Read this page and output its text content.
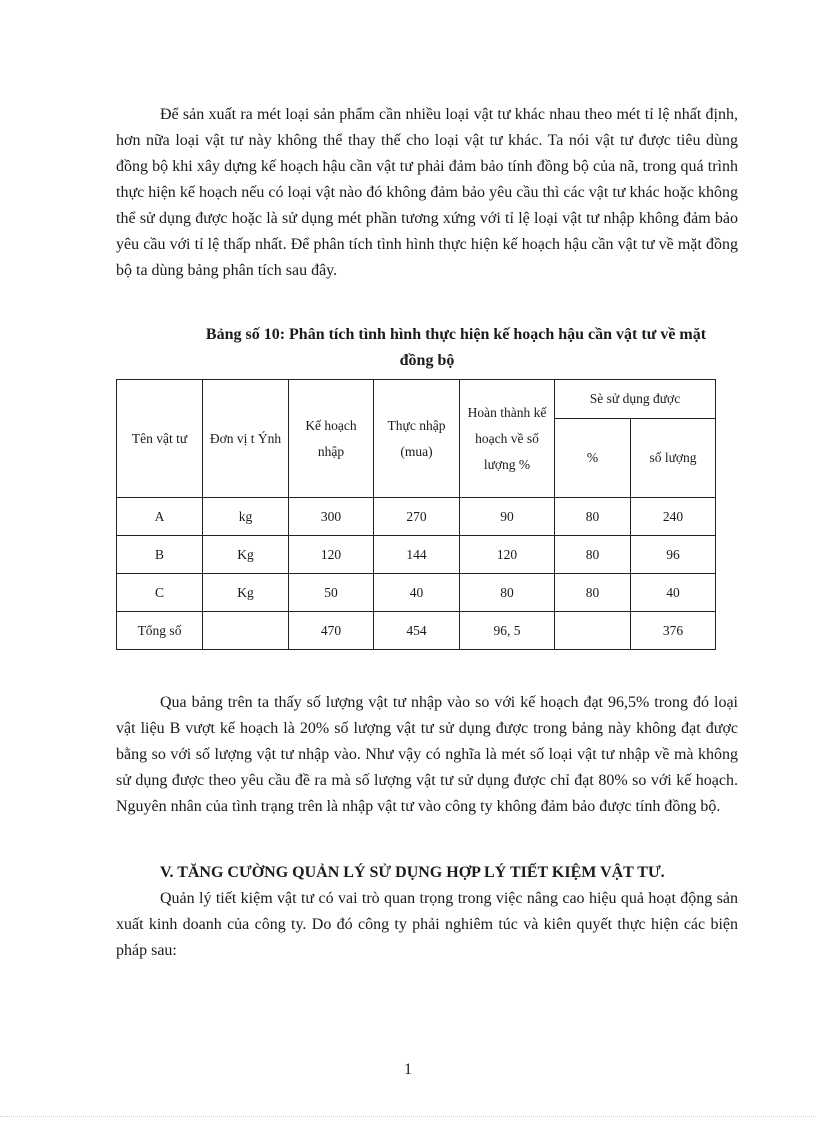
Để sản xuất ra mét loại sản phẩm cần nhiều loại vật tư khác nhau theo mét tỉ lệ nhất định, hơn nữa loại vật tư này không thể thay thế cho loại vật tư khác. Ta nói vật tư được tiêu dùng đồng bộ khi xây dựng kế hoạch hậu cần vật tư phải đảm bảo tính đồng bộ của nã, trong quá trình thực hiện kế hoạch nếu có loại vật nào đó không đảm bảo yêu cầu thì các vật tư khác hoặc không thể sử dụng được hoặc là sử dụng mét phần tương xứng với tỉ lệ loại vật tư nhập không đảm bảo yêu cầu với tỉ lệ thấp nhất. Để phân tích tình hình thực hiện kế hoạch hậu cần vật tư về mặt đồng bộ ta dùng bảng phân tích sau đây.

Bảng số 10: Phân tích tình hình thực hiện kế hoạch hậu cần vật tư về mặt
đồng bộ

Tên vật tư	Đơn vị t Ýnh	Kế hoạch nhập	Thực nhập (mua)	Hoàn thành kế hoạch về số lượng %	Sè sử dụng được	
					%	số lượng
A	kg	300	270	90	80	240
B	Kg	120	144	120	80	96
C	Kg	50	40	80	80	40
Tổng số		470	454	96, 5		376

Qua bảng trên ta thấy số lượng vật tư nhập vào so với kế hoạch đạt 96,5% trong đó loại vật liệu B vượt kế hoạch là 20% số lượng vật tư sử dụng được trong bảng này không đạt được bằng so với số lượng vật tư nhập vào. Như vậy có nghĩa là mét số loại vật tư nhập về mà không sử dụng được theo yêu cầu đề ra mà số lượng vật tư sử dụng được chỉ đạt 80% so với kế hoạch. Nguyên nhân của tình trạng trên là nhập vật tư vào công ty không đảm bảo được tính đồng bộ.

V. TĂNG CƯỜNG QUẢN LÝ SỬ DỤNG HỢP LÝ TIẾT KIỆM VẬT TƯ.

Quản lý tiết kiệm vật tư có vai trò quan trọng trong việc nâng cao hiệu quả hoạt động sản xuất kinh doanh của công ty. Do đó công ty phải nghiêm túc và kiên quyết thực hiện các biện pháp sau:

1
